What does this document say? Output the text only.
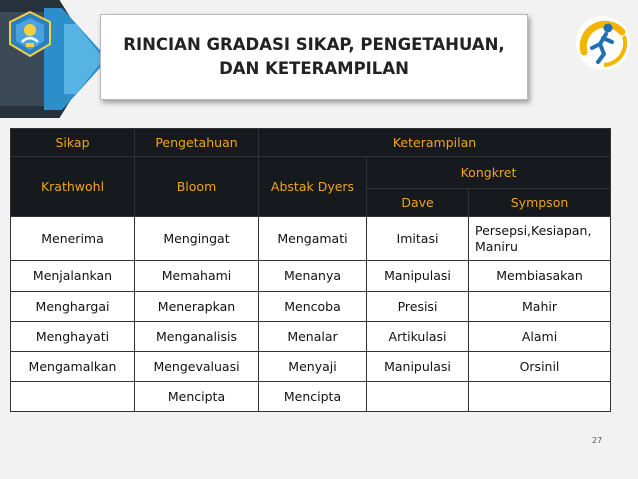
RINCIAN GRADASI SIKAP, PENGETAHUAN,
DAN KETERAMPILAN
Sikap	Pengetahuan	Keterampilan		
Krathwohl	Bloom	Abstak Dyers	Kongkret	
			Dave	Sympson
Menerima	Mengingat	Mengamati	Imitasi	Persepsi,Kesiapan, Maniru
Menjalankan	Memahami	Menanya	Manipulasi	Membiasakan
Menghargai	Menerapkan	Mencoba	Presisi	Mahir
Menghayati	Menganalisis	Menalar	Artikulasi	Alami
Mengamalkan	Mengevaluasi	Menyaji	Manipulasi	Orsinil
	Mencipta	Mencipta		
27
